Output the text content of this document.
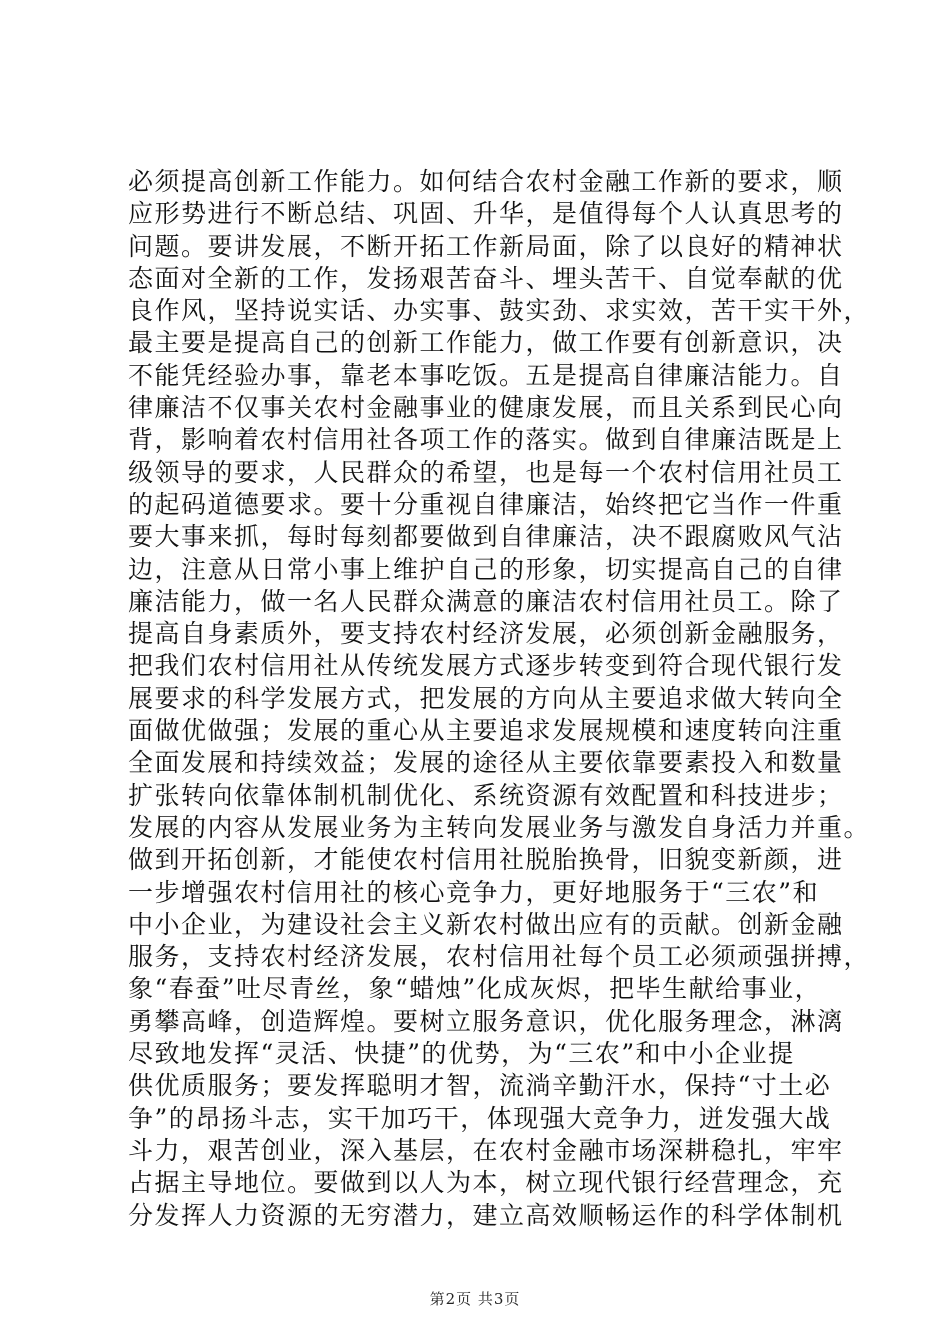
必须提高创新工作能力。如何结合农村金融工作新的要求，顺
应形势进行不断总结、巩固、升华，是值得每个人认真思考的
问题。要讲发展，不断开拓工作新局面，除了以良好的精神状
态面对全新的工作，发扬艰苦奋斗、埋头苦干、自觉奉献的优
良作风，坚持说实话、办实事、鼓实劲、求实效，苦干实干外，
最主要是提高自己的创新工作能力，做工作要有创新意识，决
不能凭经验办事，靠老本事吃饭。五是提高自律廉洁能力。自
律廉洁不仅事关农村金融事业的健康发展，而且关系到民心向
背，影响着农村信用社各项工作的落实。做到自律廉洁既是上
级领导的要求，人民群众的希望，也是每一个农村信用社员工
的起码道德要求。要十分重视自律廉洁，始终把它当作一件重
要大事来抓，每时每刻都要做到自律廉洁，决不跟腐败风气沾
边，注意从日常小事上维护自己的形象，切实提高自己的自律
廉洁能力，做一名人民群众满意的廉洁农村信用社员工。除了
提高自身素质外，要支持农村经济发展，必须创新金融服务，
把我们农村信用社从传统发展方式逐步转变到符合现代银行发
展要求的科学发展方式，把发展的方向从主要追求做大转向全
面做优做强；发展的重心从主要追求发展规模和速度转向注重
全面发展和持续效益；发展的途径从主要依靠要素投入和数量
扩张转向依靠体制机制优化、系统资源有效配置和科技进步；
发展的内容从发展业务为主转向发展业务与激发自身活力并重。
做到开拓创新，才能使农村信用社脱胎换骨，旧貌变新颜，进
一步增强农村信用社的核心竞争力，更好地服务于“三农”和
中小企业，为建设社会主义新农村做出应有的贡献。创新金融
服务，支持农村经济发展，农村信用社每个员工必须顽强拼搏，
象“春蚕”吐尽青丝，象“蜡烛”化成灰烬，把毕生献给事业，
勇攀高峰，创造辉煌。要树立服务意识，优化服务理念，淋漓
尽致地发挥“灵活、快捷”的优势，为“三农”和中小企业提
供优质服务；要发挥聪明才智，流淌辛勤汗水，保持“寸土必
争”的昂扬斗志，实干加巧干，体现强大竞争力，迸发强大战
斗力，艰苦创业，深入基层，在农村金融市场深耕稳扎，牢牢
占据主导地位。要做到以人为本，树立现代银行经营理念，充
分发挥人力资源的无穷潜力，建立高效顺畅运作的科学体制机
第2页 共3页
